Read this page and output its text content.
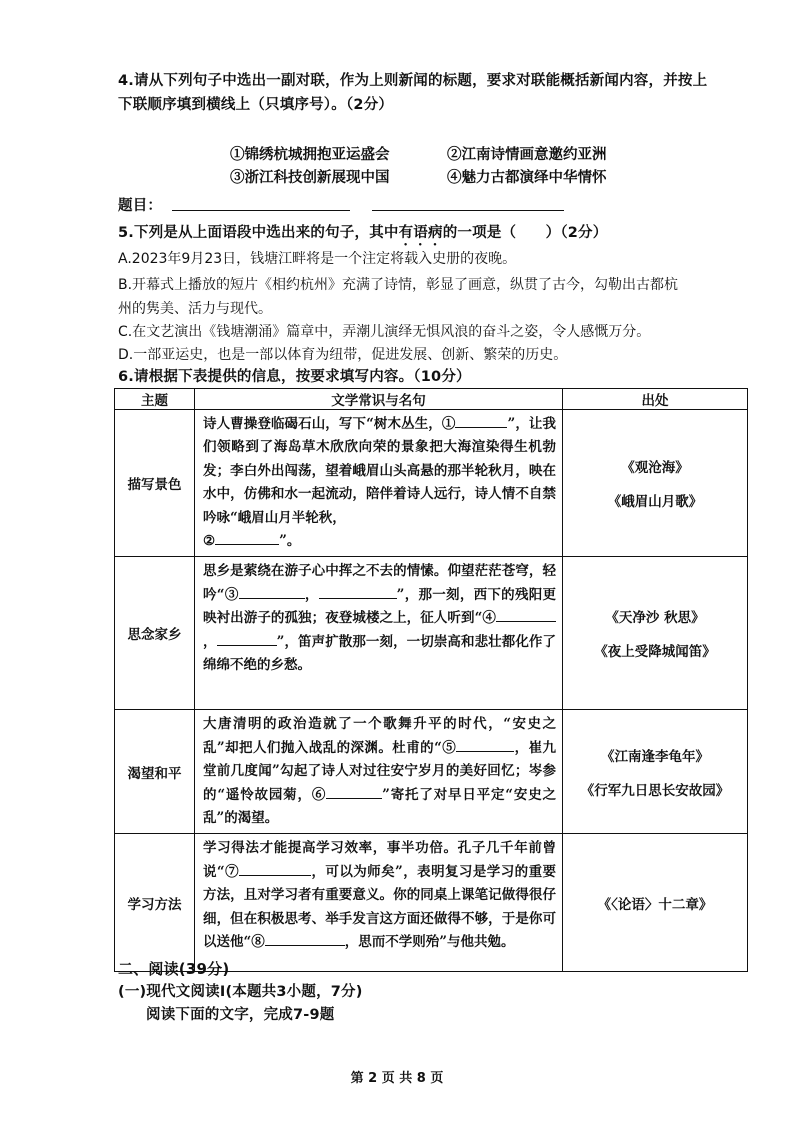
4.请从下列句子中选出一副对联，作为上则新闻的标题，要求对联能概括新闻内容，并按上
下联顺序填到横线上（只填序号）。（2分）
①锦绣杭城拥抱亚运盛会	②江南诗情画意邀约亚洲
③浙江科技创新展现中国	④魅力古都演绎中华情怀
题目：
5.下列是从上面语段中选出来的句子，其中有语病的一项是（　　）（2分）
A.2023年9月23日，钱塘江畔将是一个注定将载入史册的夜晚。
B.开幕式上播放的短片《相约杭州》充满了诗情，彰显了画意，纵贯了古今，勾勒出古都杭
州的隽美、活力与现代。
C.在文艺演出《钱塘潮涌》篇章中，弄潮儿演绎无惧风浪的奋斗之姿，令人感慨万分。
D.一部亚运史，也是一部以体育为纽带，促进发展、创新、繁荣的历史。
6.请根据下表提供的信息，按要求填写内容。（10分）
主题	文学常识与名句	出处
描写景色	诗人曹操登临碣石山，写下“树木丛生，① ”，让我们领略到了海岛草木欣欣向荣的景象把大海渲染得生机勃发；李白外出闯荡，望着峨眉山头高悬的那半轮秋月，映在水中，仿佛和水一起流动，陪伴着诗人远行，诗人情不自禁吟咏“峨眉山月半轮秋，
② ”。	《观沧海》
《峨眉山月歌》

思念家乡	思乡是萦绕在游子心中挥之不去的情愫。仰望茫茫苍穹，轻吟“③ ， ”，那一刻，西下的残阳更映衬出游子的孤独；夜登城楼之上，征人听到“④， ”，笛声扩散那一刻，一切崇高和悲壮都化作了绵绵不绝的乡愁。	《天净沙 秋思》
《夜上受降城闻笛》

渴望和平	大唐清明的政治造就了一个歌舞升平的时代，“安史之乱”却把人们抛入战乱的深渊。杜甫的“⑤ ，崔九堂前几度闻”勾起了诗人对过往安宁岁月的美好回忆；岑参的“遥怜故园菊，⑥ ”寄托了对早日平定“安史之乱”的渴望。	《江南逢李龟年》
《行军九日思长安故园》

学习方法	学习得法才能提高学习效率，事半功倍。孔子几千年前曾说“⑦ ，可以为师矣”，表明复习是学习的重要方法，且对学习者有重要意义。你的同桌上课笔记做得很仔细，但在积极思考、举手发言这方面还做得不够，于是你可以送他“⑧ ，思而不学则殆”与他共勉。	《〈论语〉十二章》
二、阅读(39分)
(一)现代文阅读Ⅰ(本题共3小题，7分)
阅读下面的文字，完成7-9题
第 2 页 共 8 页
